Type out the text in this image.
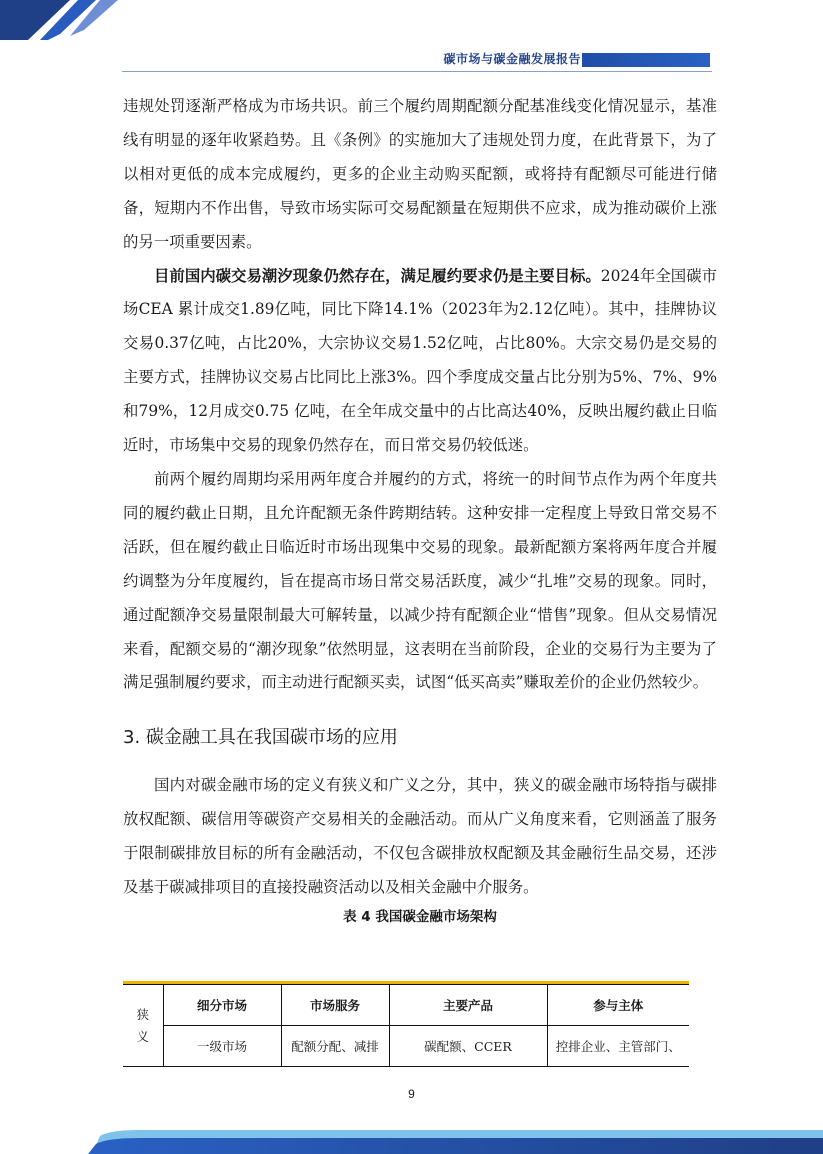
碳市场与碳金融发展报告

违规处罚逐渐严格成为市场共识。前三个履约周期配额分配基准线变化情况显示，基准线有明显的逐年收紧趋势。且《条例》的实施加大了违规处罚力度，在此背景下，为了以相对更低的成本完成履约，更多的企业主动购买配额，或将持有配额尽可能进行储备，短期内不作出售，导致市场实际可交易配额量在短期供不应求，成为推动碳价上涨的另一项重要因素。

目前国内碳交易潮汐现象仍然存在，满足履约要求仍是主要目标。2024年全国碳市场CEA 累计成交1.89亿吨，同比下降14.1%（2023年为2.12亿吨）。其中，挂牌协议交易0.37亿吨，占比20%，大宗协议交易1.52亿吨，占比80%。大宗交易仍是交易的主要方式，挂牌协议交易占比同比上涨3%。四个季度成交量占比分别为5%、7%、9%和79%，12月成交0.75 亿吨，在全年成交量中的占比高达40%，反映出履约截止日临近时，市场集中交易的现象仍然存在，而日常交易仍较低迷。

前两个履约周期均采用两年度合并履约的方式，将统一的时间节点作为两个年度共同的履约截止日期，且允许配额无条件跨期结转。这种安排一定程度上导致日常交易不活跃，但在履约截止日临近时市场出现集中交易的现象。最新配额方案将两年度合并履约调整为分年度履约，旨在提高市场日常交易活跃度，减少“扎堆”交易的现象。同时，通过配额净交易量限制最大可解转量，以减少持有配额企业“惜售”现象。但从交易情况来看，配额交易的“潮汐现象”依然明显，这表明在当前阶段，企业的交易行为主要为了满足强制履约要求，而主动进行配额买卖，试图“低买高卖”赚取差价的企业仍然较少。

3. 碳金融工具在我国碳市场的应用

国内对碳金融市场的定义有狭义和广义之分，其中，狭义的碳金融市场特指与碳排放权配额、碳信用等碳资产交易相关的金融活动。而从广义角度来看，它则涵盖了服务于限制碳排放目标的所有金融活动，不仅包含碳排放权配额及其金融衍生品交易，还涉及基于碳减排项目的直接投融资活动以及相关金融中介服务。

表 4 我国碳金融市场架构
狭义	细分市场	市场服务	主要产品	参与主体
	一级市场	配额分配、减排	碳配额、CCER	控排企业、主管部门、
9
